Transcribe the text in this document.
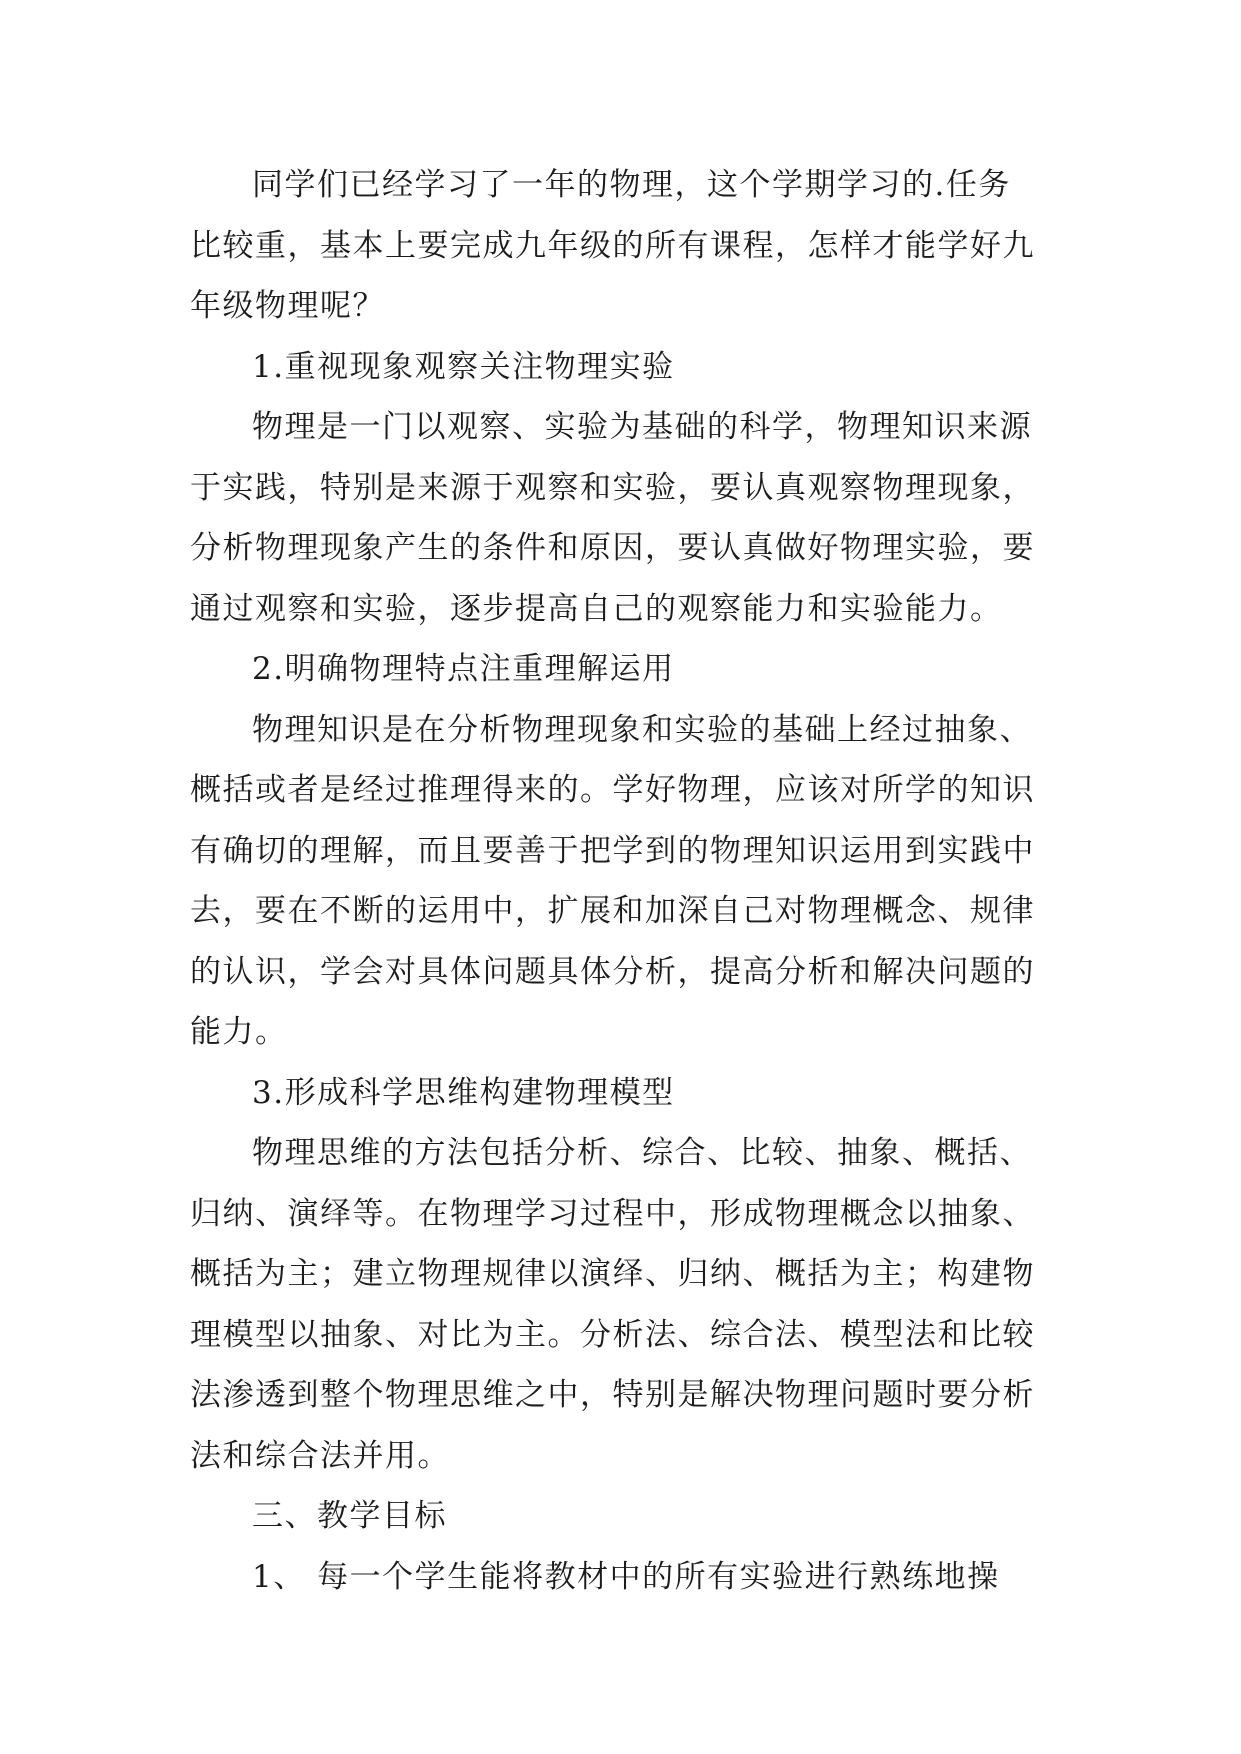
同学们已经学习了一年的物理，这个学期学习的.任务
比较重，基本上要完成九年级的所有课程，怎样才能学好九
年级物理呢？
1.重视现象观察关注物理实验
物理是一门以观察、实验为基础的科学，物理知识来源
于实践，特别是来源于观察和实验，要认真观察物理现象，
分析物理现象产生的条件和原因，要认真做好物理实验，要
通过观察和实验，逐步提高自己的观察能力和实验能力。
2.明确物理特点注重理解运用
物理知识是在分析物理现象和实验的基础上经过抽象、
概括或者是经过推理得来的。学好物理，应该对所学的知识
有确切的理解，而且要善于把学到的物理知识运用到实践中
去，要在不断的运用中，扩展和加深自己对物理概念、规律
的认识，学会对具体问题具体分析，提高分析和解决问题的
能力。
3.形成科学思维构建物理模型
物理思维的方法包括分析、综合、比较、抽象、概括、
归纳、演绎等。在物理学习过程中，形成物理概念以抽象、
概括为主；建立物理规律以演绎、归纳、概括为主；构建物
理模型以抽象、对比为主。分析法、综合法、模型法和比较
法渗透到整个物理思维之中，特别是解决物理问题时要分析
法和综合法并用。
三、教学目标
1、 每一个学生能将教材中的所有实验进行熟练地操
